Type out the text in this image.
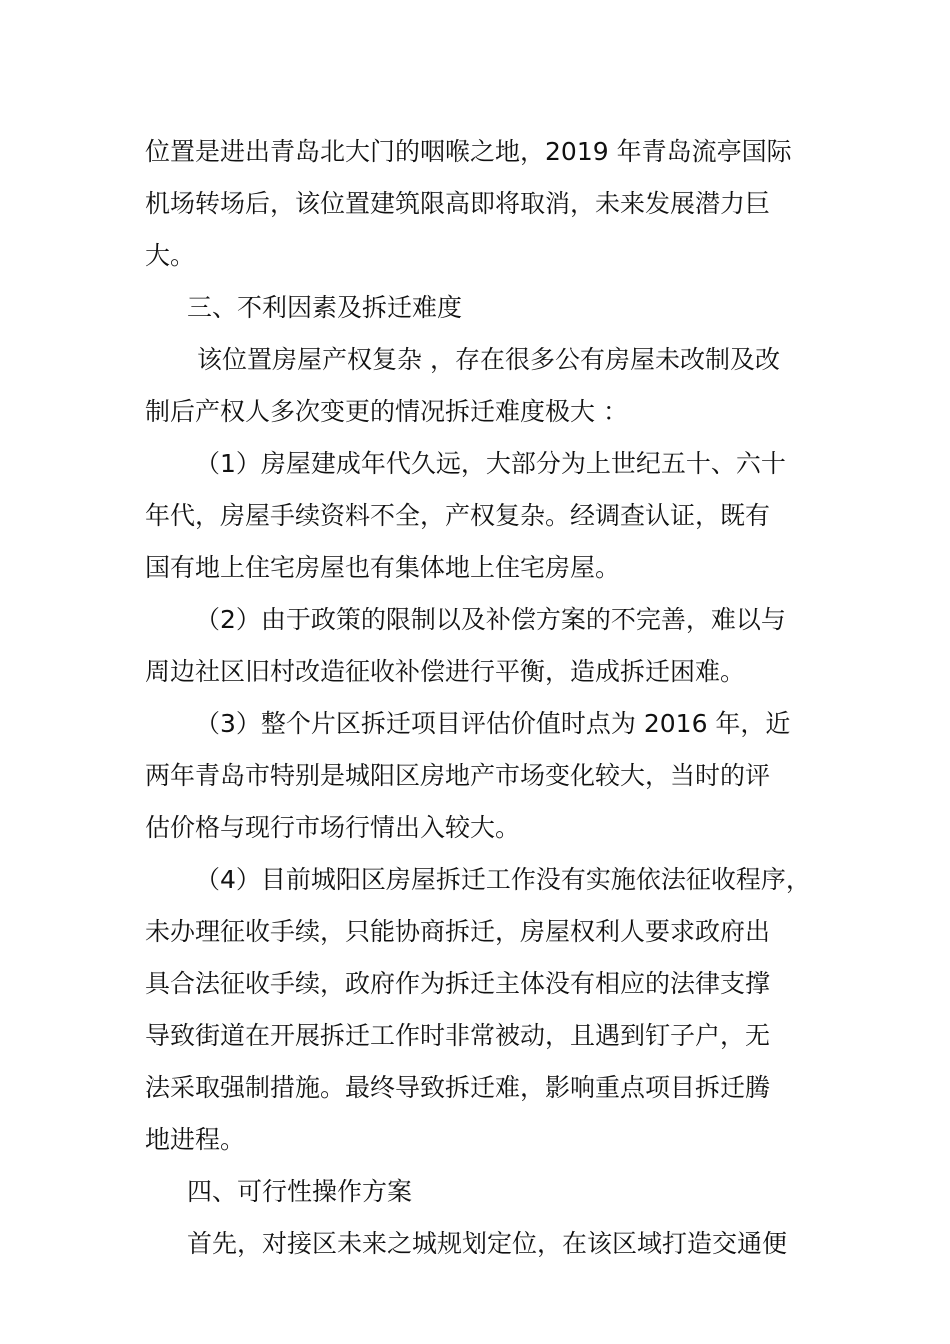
位置是进出青岛北大门的咽喉之地，2019 年青岛流亭国际
机场转场后，该位置建筑限高即将取消，未来发展潜力巨
大。
三、不利因素及拆迁难度
该位置房屋产权复杂 ，存在很多公有房屋未改制及改
制后产权人多次变更的情况拆迁难度极大 ：
（1）房屋建成年代久远，大部分为上世纪五十、六十
年代，房屋手续资料不全，产权复杂。经调查认证，既有
国有地上住宅房屋也有集体地上住宅房屋。
（2）由于政策的限制以及补偿方案的不完善，难以与
周边社区旧村改造征收补偿进行平衡，造成拆迁困难。
（3）整个片区拆迁项目评估价值时点为 2016 年，近
两年青岛市特别是城阳区房地产市场变化较大，当时的评
估价格与现行市场行情出入较大。
（4）目前城阳区房屋拆迁工作没有实施依法征收程序，
未办理征收手续，只能协商拆迁，房屋权利人要求政府出
具合法征收手续，政府作为拆迁主体没有相应的法律支撑
导致街道在开展拆迁工作时非常被动，且遇到钉子户，无
法采取强制措施。最终导致拆迁难，影响重点项目拆迁腾
地进程。
四、可行性操作方案
首先，对接区未来之城规划定位，在该区域打造交通便
